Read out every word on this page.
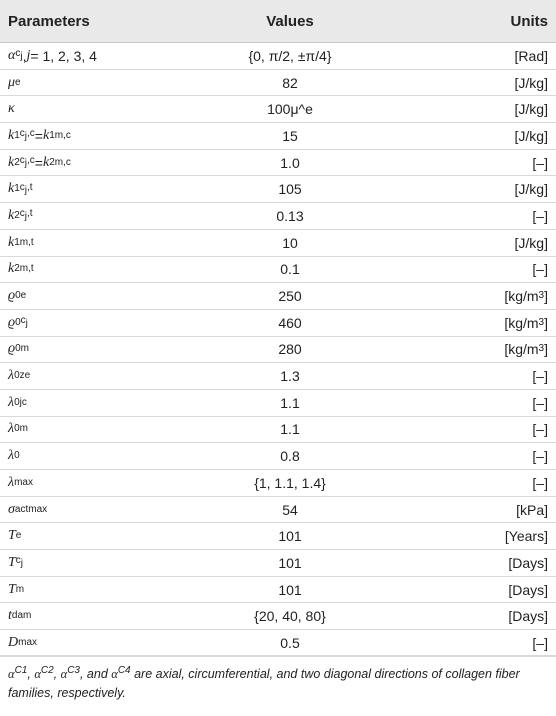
Parameters	Values	Units
α $c_j$ , j = 1, 2, 3, 4	{0, π/2, ±π/4}	[Rad]
μ e	82	[J/kg]
κ	100μ^e	[J/kg]
k 1 $c_j,c = k$ 1 m,c	15	[J/kg]
k 2 $c_j,c = k$ 2 m,c	1.0	[–]
k 1 $c_j,t$	105	[J/kg]
k 2 $c_j,t$	0.13	[–]
k 1 m,t	10	[J/kg]
k 2 m,t	0.1	[–]
ϱ 0 e	250	[kg/m 3 ]
ϱ 0 $c_j$	460	[kg/m 3 ]
ϱ 0 m	280	[kg/m 3 ]
λ 0z e	1.3	[–]
λ 0j c	1.1	[–]
λ 0 m	1.1	[–]
λ 0	0.8	[–]
λ max	{1, 1.1, 1.4}	[–]
σ actmax	54	[kPa]
T e	101	[Years]
T $c_j$	101	[Days]
T m	101	[Days]
t dam	{20, 40, 80}	[Days]
D max	0.5	[–]
$\alpha^{C1}$, $\alpha^{C2}$, $\alpha^{C3}$, and $\alpha^{C4}$ are axial, circumferential, and two diagonal directions of collagen fiber families, respectively.
